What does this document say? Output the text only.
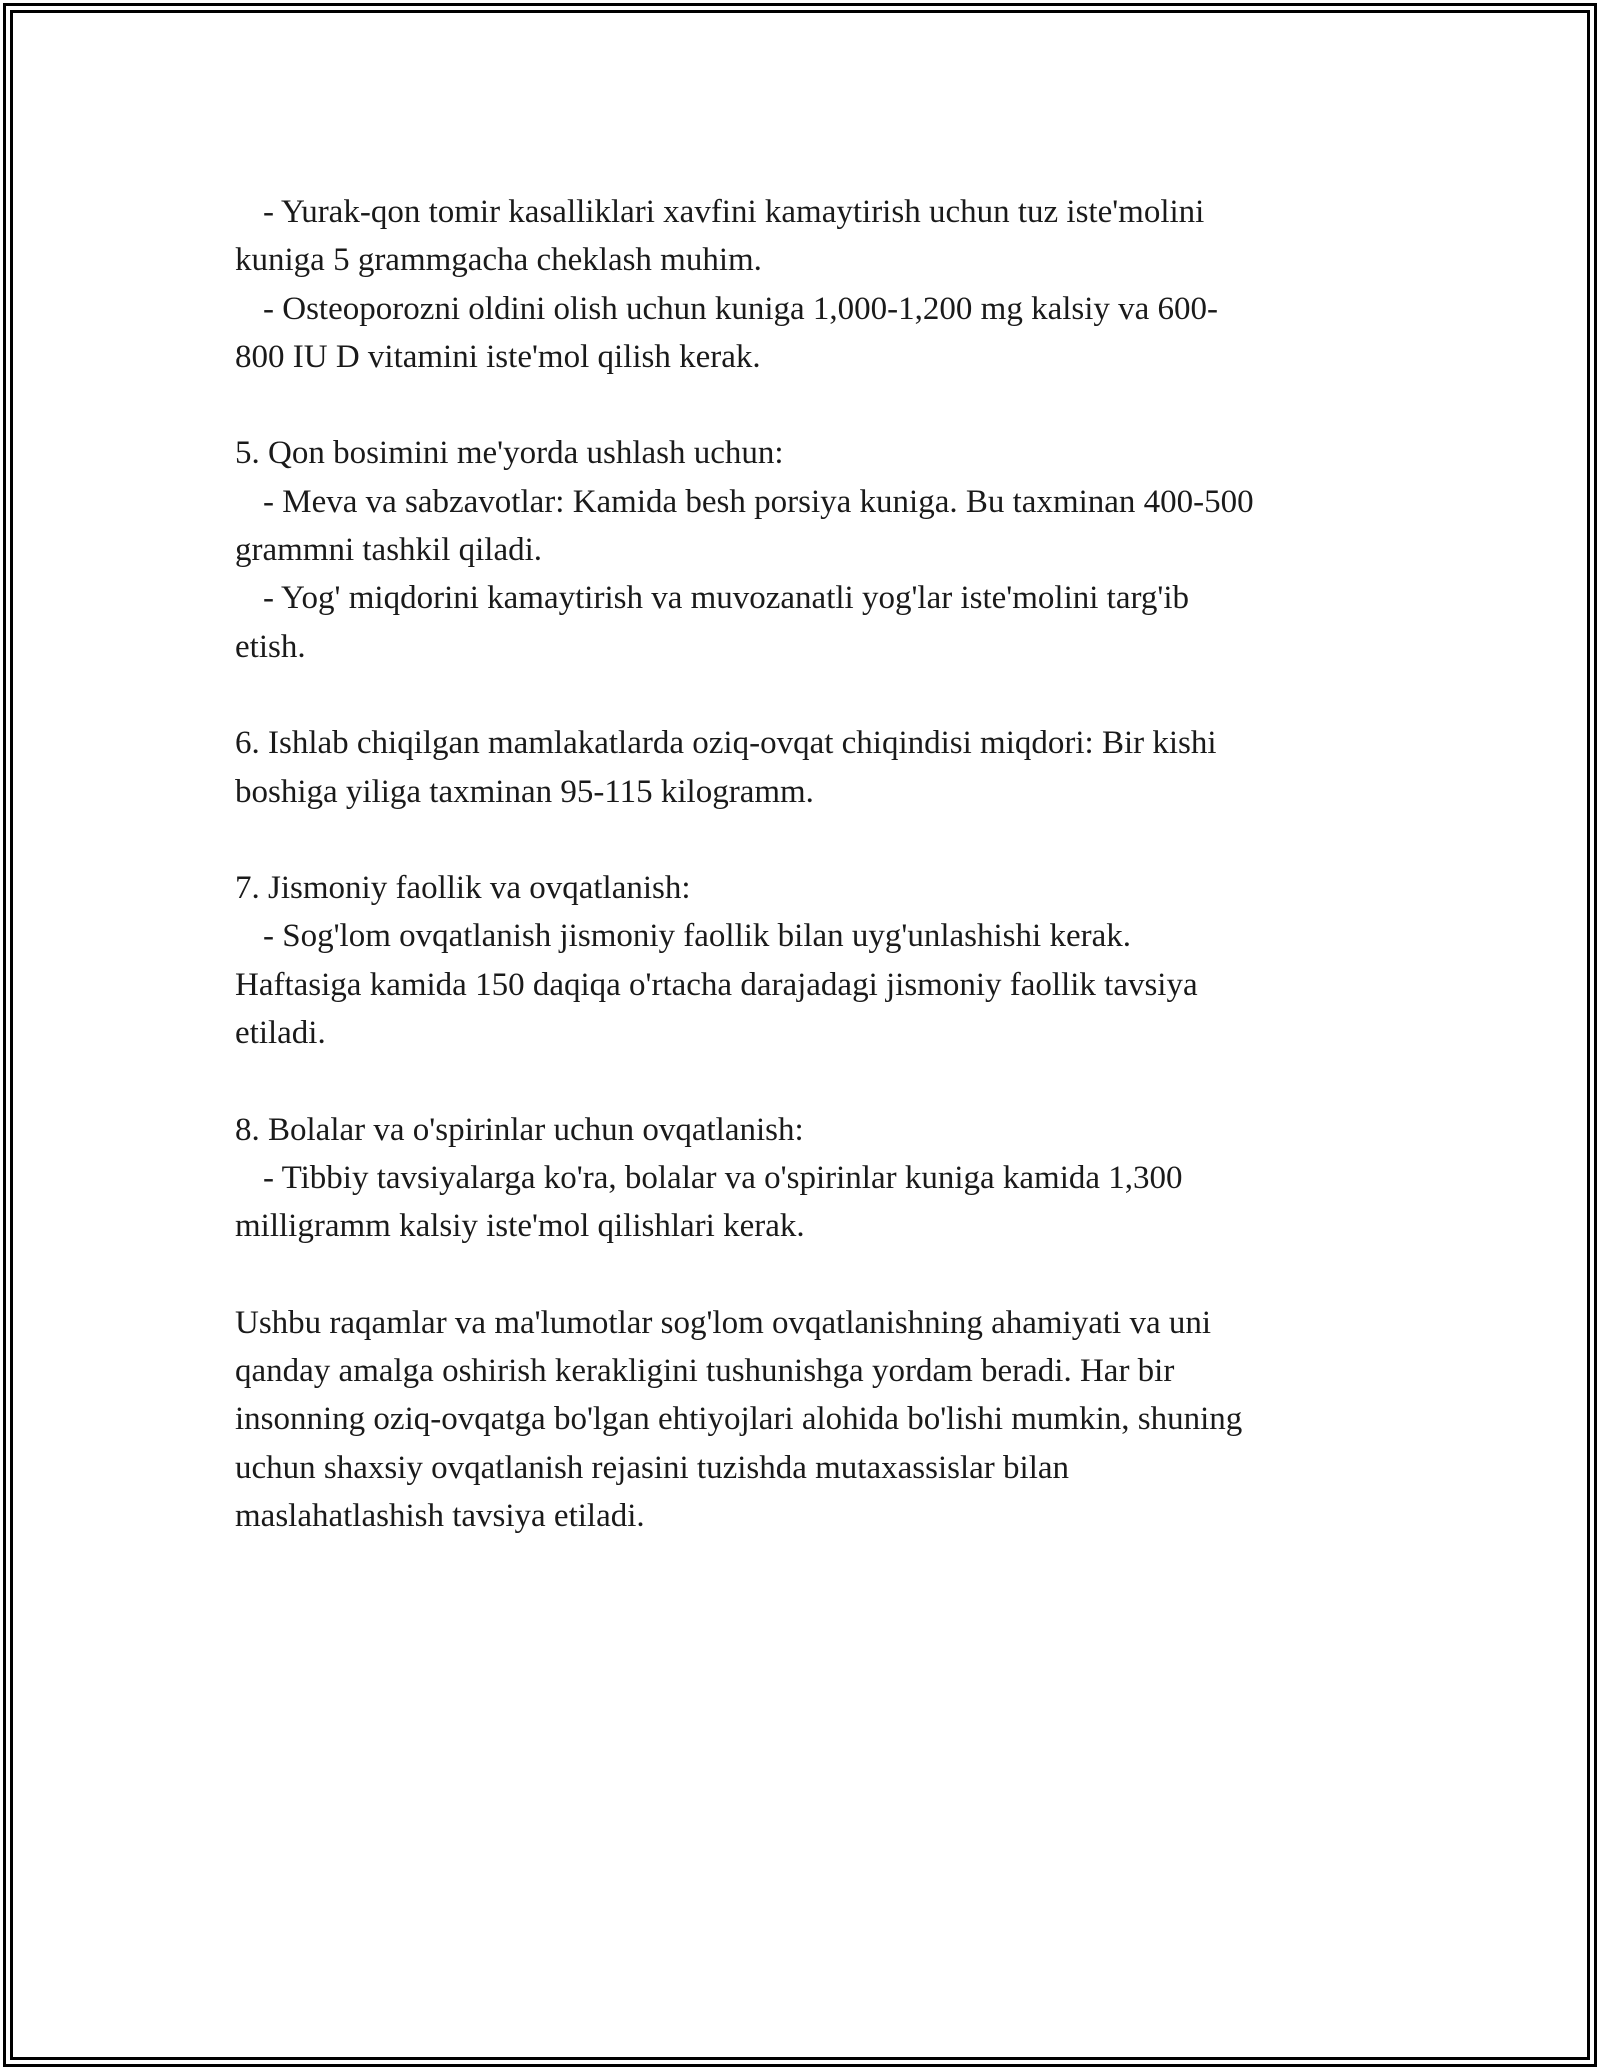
- Yurak-qon tomir kasalliklari xavfini kamaytirish uchun tuz iste'molini

kuniga 5 grammgacha cheklash muhim.

- Osteoporozni oldini olish uchun kuniga 1,000-1,200 mg kalsiy va 600-

800 IU D vitamini iste'mol qilish kerak.

5. Qon bosimini me'yorda ushlash uchun:

- Meva va sabzavotlar: Kamida besh porsiya kuniga. Bu taxminan 400-500

grammni tashkil qiladi.

- Yog' miqdorini kamaytirish va muvozanatli yog'lar iste'molini targ'ib

etish.

6. Ishlab chiqilgan mamlakatlarda oziq-ovqat chiqindisi miqdori: Bir kishi

boshiga yiliga taxminan 95-115 kilogramm.

7. Jismoniy faollik va ovqatlanish:

- Sog'lom ovqatlanish jismoniy faollik bilan uyg'unlashishi kerak.

Haftasiga kamida 150 daqiqa o'rtacha darajadagi jismoniy faollik tavsiya

etiladi.

8. Bolalar va o'spirinlar uchun ovqatlanish:

- Tibbiy tavsiyalarga ko'ra, bolalar va o'spirinlar kuniga kamida 1,300

milligramm kalsiy iste'mol qilishlari kerak.

Ushbu raqamlar va ma'lumotlar sog'lom ovqatlanishning ahamiyati va uni

qanday amalga oshirish kerakligini tushunishga yordam beradi. Har bir

insonning oziq-ovqatga bo'lgan ehtiyojlari alohida bo'lishi mumkin, shuning

uchun shaxsiy ovqatlanish rejasini tuzishda mutaxassislar bilan

maslahatlashish tavsiya etiladi.
